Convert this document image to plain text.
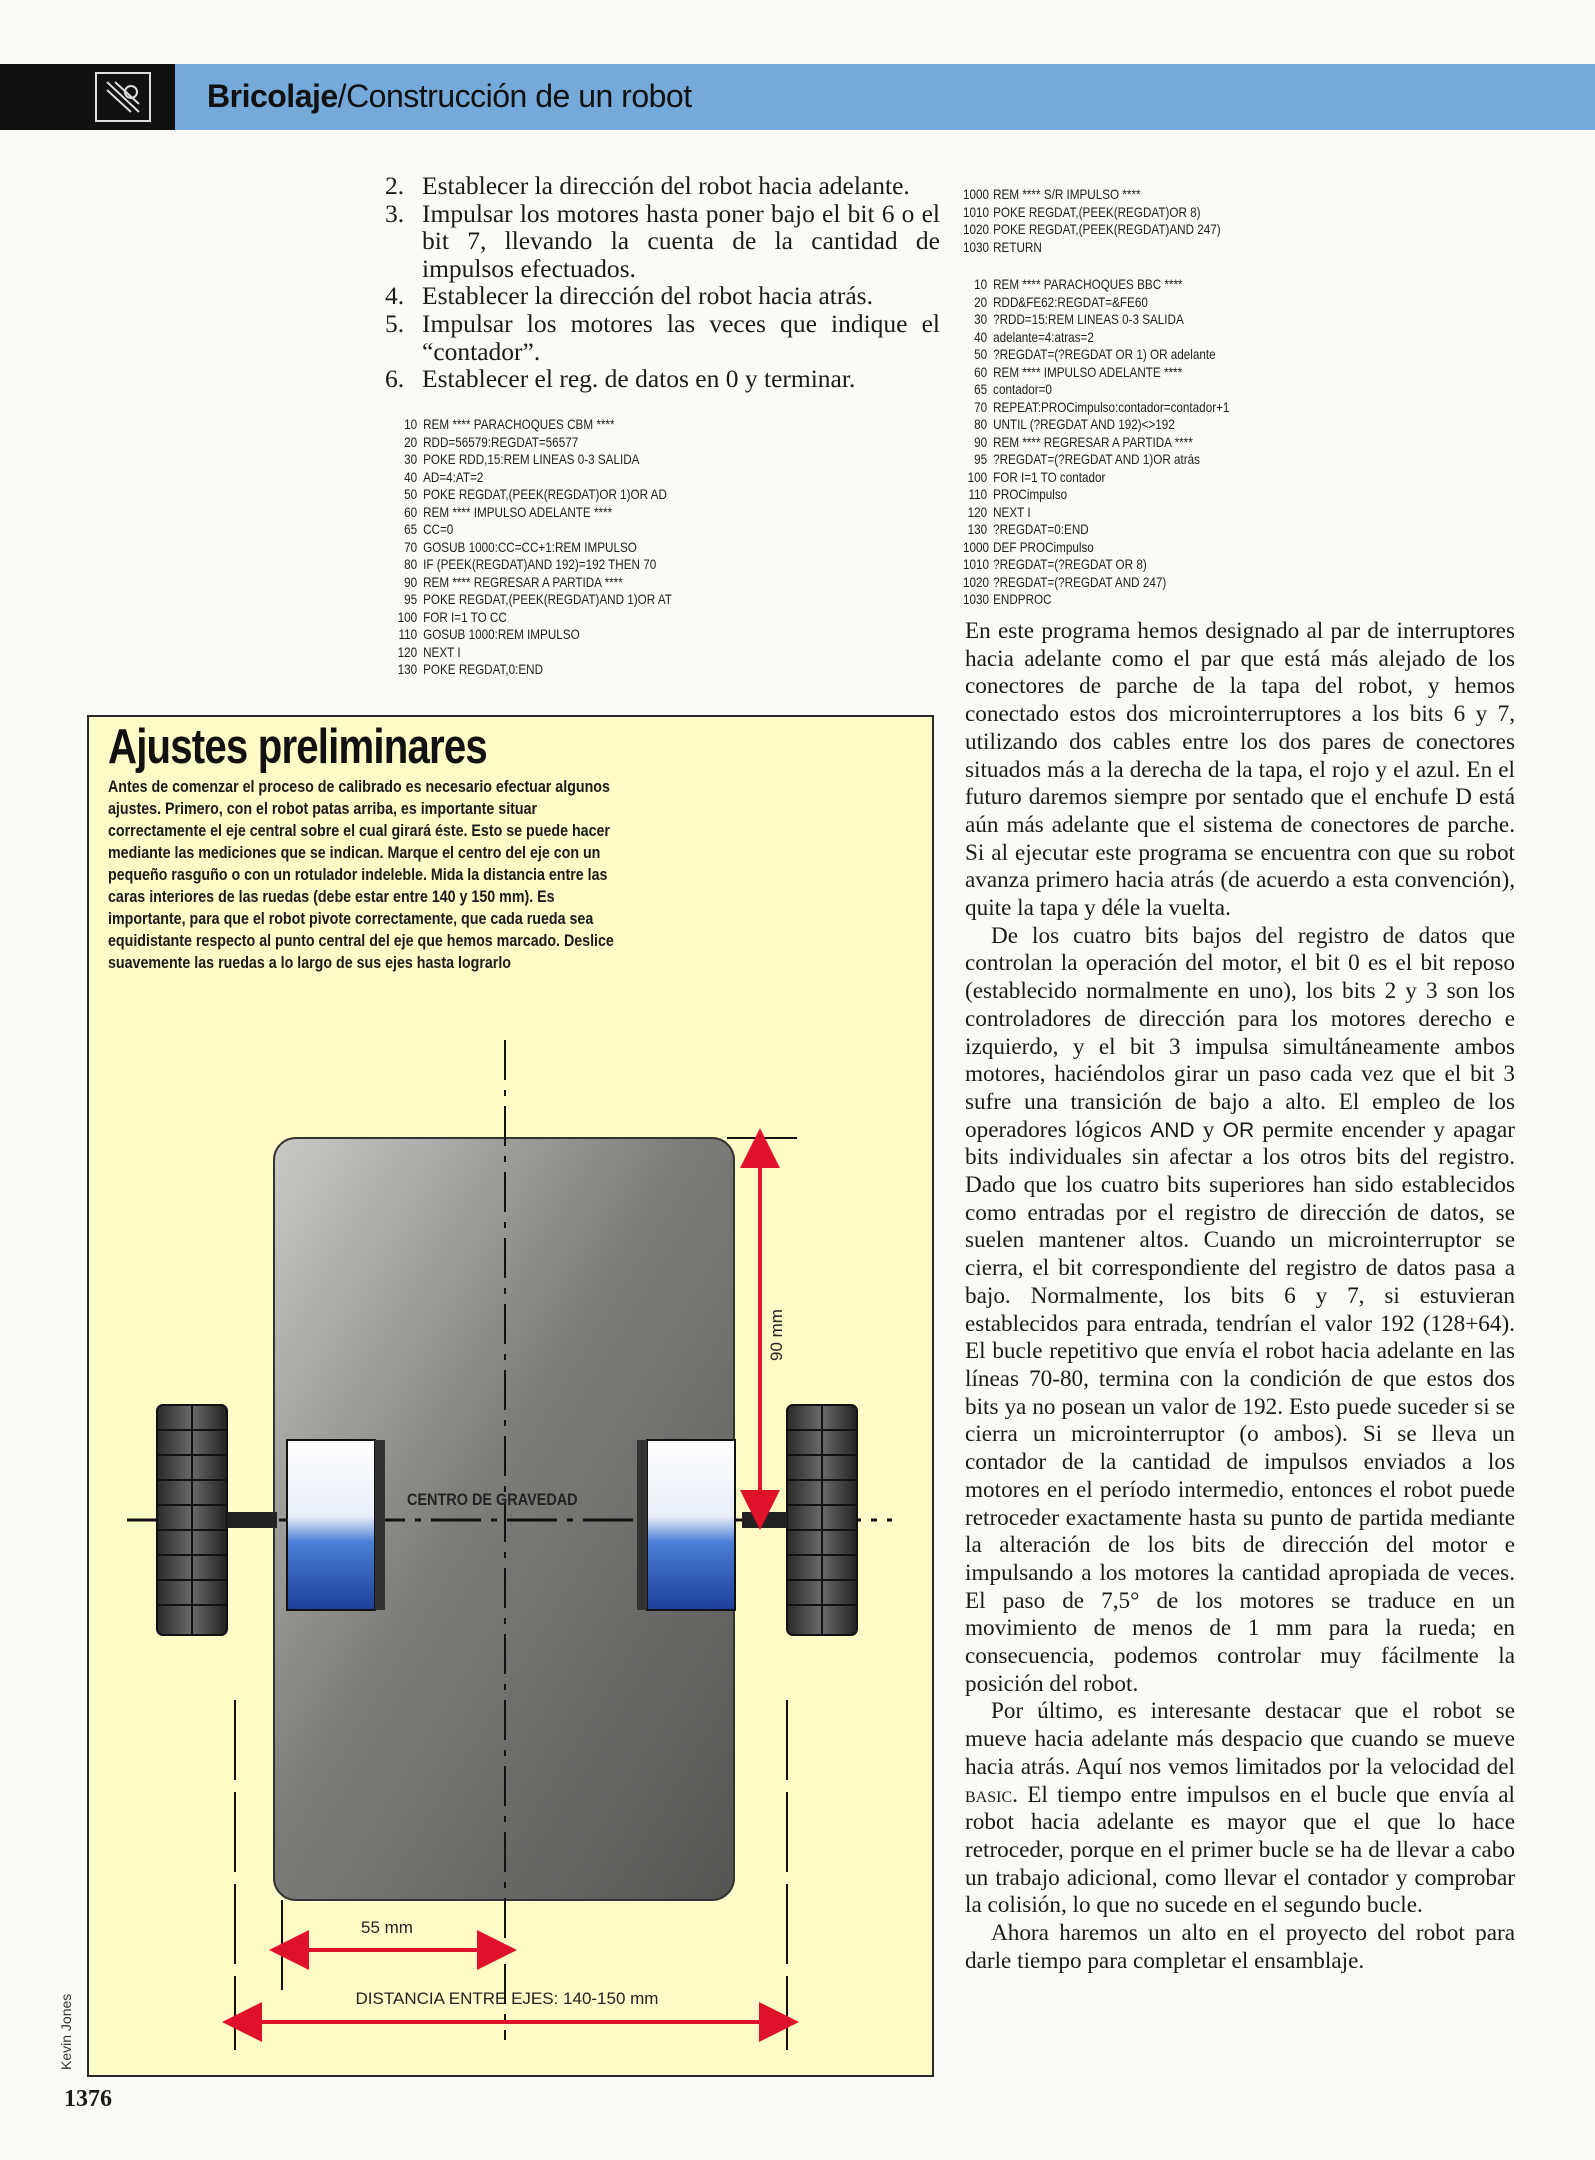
Bricolaje/Construcción de un robot
2. Establecer la dirección del robot hacia adelante.
3. Impulsar los motores hasta poner bajo el bit 6 o el bit 7, llevando la cuenta de la cantidad de impulsos efectuados.
4. Establecer la dirección del robot hacia atrás.
5. Impulsar los motores las veces que indique el “contador”.
6. Establecer el reg. de datos en 0 y terminar.
10 REM **** PARACHOQUES CBM ****
20 RDD=56579:REGDAT=56577
30 POKE RDD,15:REM LINEAS 0-3 SALIDA
40 AD=4:AT=2
50 POKE REGDAT,(PEEK(REGDAT)OR 1)OR AD
60 REM **** IMPULSO ADELANTE ****
65 CC=0
70 GOSUB 1000:CC=CC+1:REM IMPULSO
80 IF (PEEK(REGDAT)AND 192)=192 THEN 70
90 REM **** REGRESAR A PARTIDA ****
95 POKE REGDAT,(PEEK(REGDAT)AND 1)OR AT
100 FOR I=1 TO CC
110 GOSUB 1000:REM IMPULSO
120 NEXT I
130 POKE REGDAT,0:END
1000 REM **** S/R IMPULSO ****
1010 POKE REGDAT,(PEEK(REGDAT)OR 8)
1020 POKE REGDAT,(PEEK(REGDAT)AND 247)
1030 RETURN
10 REM **** PARACHOQUES BBC ****
20 RDD&FE62:REGDAT=&FE60
30 ?RDD=15:REM LINEAS 0-3 SALIDA
40 adelante=4:atras=2
50 ?REGDAT=(?REGDAT OR 1) OR adelante
60 REM **** IMPULSO ADELANTE ****
65 contador=0
70 REPEAT:PROCimpulso:contador=contador+1
80 UNTIL (?REGDAT AND 192)<>192
90 REM **** REGRESAR A PARTIDA ****
95 ?REGDAT=(?REGDAT AND 1)OR atrás
100 FOR I=1 TO contador
110 PROCimpulso
120 NEXT I
130 ?REGDAT=0:END
1000 DEF PROCimpulso
1010 ?REGDAT=(?REGDAT OR 8)
1020 ?REGDAT=(?REGDAT AND 247)
1030 ENDPROC
Ajustes preliminares
Antes de comenzar el proceso de calibrado es necesario efectuar algunos ajustes. Primero, con el robot patas arriba, es importante situar correctamente el eje central sobre el cual girará éste. Esto se puede hacer mediante las mediciones que se indican. Marque el centro del eje con un pequeño rasguño o con un rotulador indeleble. Mida la distancia entre las caras interiores de las ruedas (debe estar entre 140 y 150 mm). Es importante, para que el robot pivote correctamente, que cada rueda sea equidistante respecto al punto central del eje que hemos marcado. Deslice suavemente las ruedas a lo largo de sus ejes hasta lograrlo
CENTRO DE GRAVEDAD
90 mm
55 mm
DISTANCIA ENTRE EJES: 140-150 mm

En este programa hemos designado al par de interruptores hacia adelante como el par que está más alejado de los conectores de parche de la tapa del robot, y hemos conectado estos dos microinterruptores a los bits 6 y 7, utilizando dos cables entre los dos pares de conectores situados más a la derecha de la tapa, el rojo y el azul. En el futuro daremos siempre por sentado que el enchufe D está aún más adelante que el sistema de conectores de parche. Si al ejecutar este programa se encuentra con que su robot avanza primero hacia atrás (de acuerdo a esta convención), quite la tapa y déle la vuelta.

De los cuatro bits bajos del registro de datos que controlan la operación del motor, el bit 0 es el bit reposo (establecido normalmente en uno), los bits 2 y 3 son los controladores de dirección para los motores derecho e izquierdo, y el bit 3 impulsa simultáneamente ambos motores, haciéndolos girar un paso cada vez que el bit 3 sufre una transición de bajo a alto. El empleo de los operadores lógicos AND y OR permite encender y apagar bits individuales sin afectar a los otros bits del registro. Dado que los cuatro bits superiores han sido establecidos como entradas por el registro de dirección de datos, se suelen mantener altos. Cuando un microinterruptor se cierra, el bit correspondiente del registro de datos pasa a bajo. Normalmente, los bits 6 y 7, si estuvieran establecidos para entrada, tendrían el valor 192 (128+64). El bucle repetitivo que envía el robot hacia adelante en las líneas 70-80, termina con la condición de que estos dos bits ya no posean un valor de 192. Esto puede suceder si se cierra un microinterruptor (o ambos). Si se lleva un contador de la cantidad de impulsos enviados a los motores en el período intermedio, entonces el robot puede retroceder exactamente hasta su punto de partida mediante la alteración de los bits de dirección del motor e impulsando a los motores la cantidad apropiada de veces. El paso de 7,5° de los motores se traduce en un movimiento de menos de 1 mm para la rueda; en consecuencia, podemos controlar muy fácilmente la posición del robot.

Por último, es interesante destacar que el robot se mueve hacia adelante más despacio que cuando se mueve hacia atrás. Aquí nos vemos limitados por la velocidad del basic. El tiempo entre impulsos en el bucle que envía al robot hacia adelante es mayor que el que lo hace retroceder, porque en el primer bucle se ha de llevar a cabo un trabajo adicional, como llevar el contador y comprobar la colisión, lo que no sucede en el segundo bucle.

Ahora haremos un alto en el proyecto del robot para darle tiempo para completar el ensamblaje.

Kevin Jones
1376
